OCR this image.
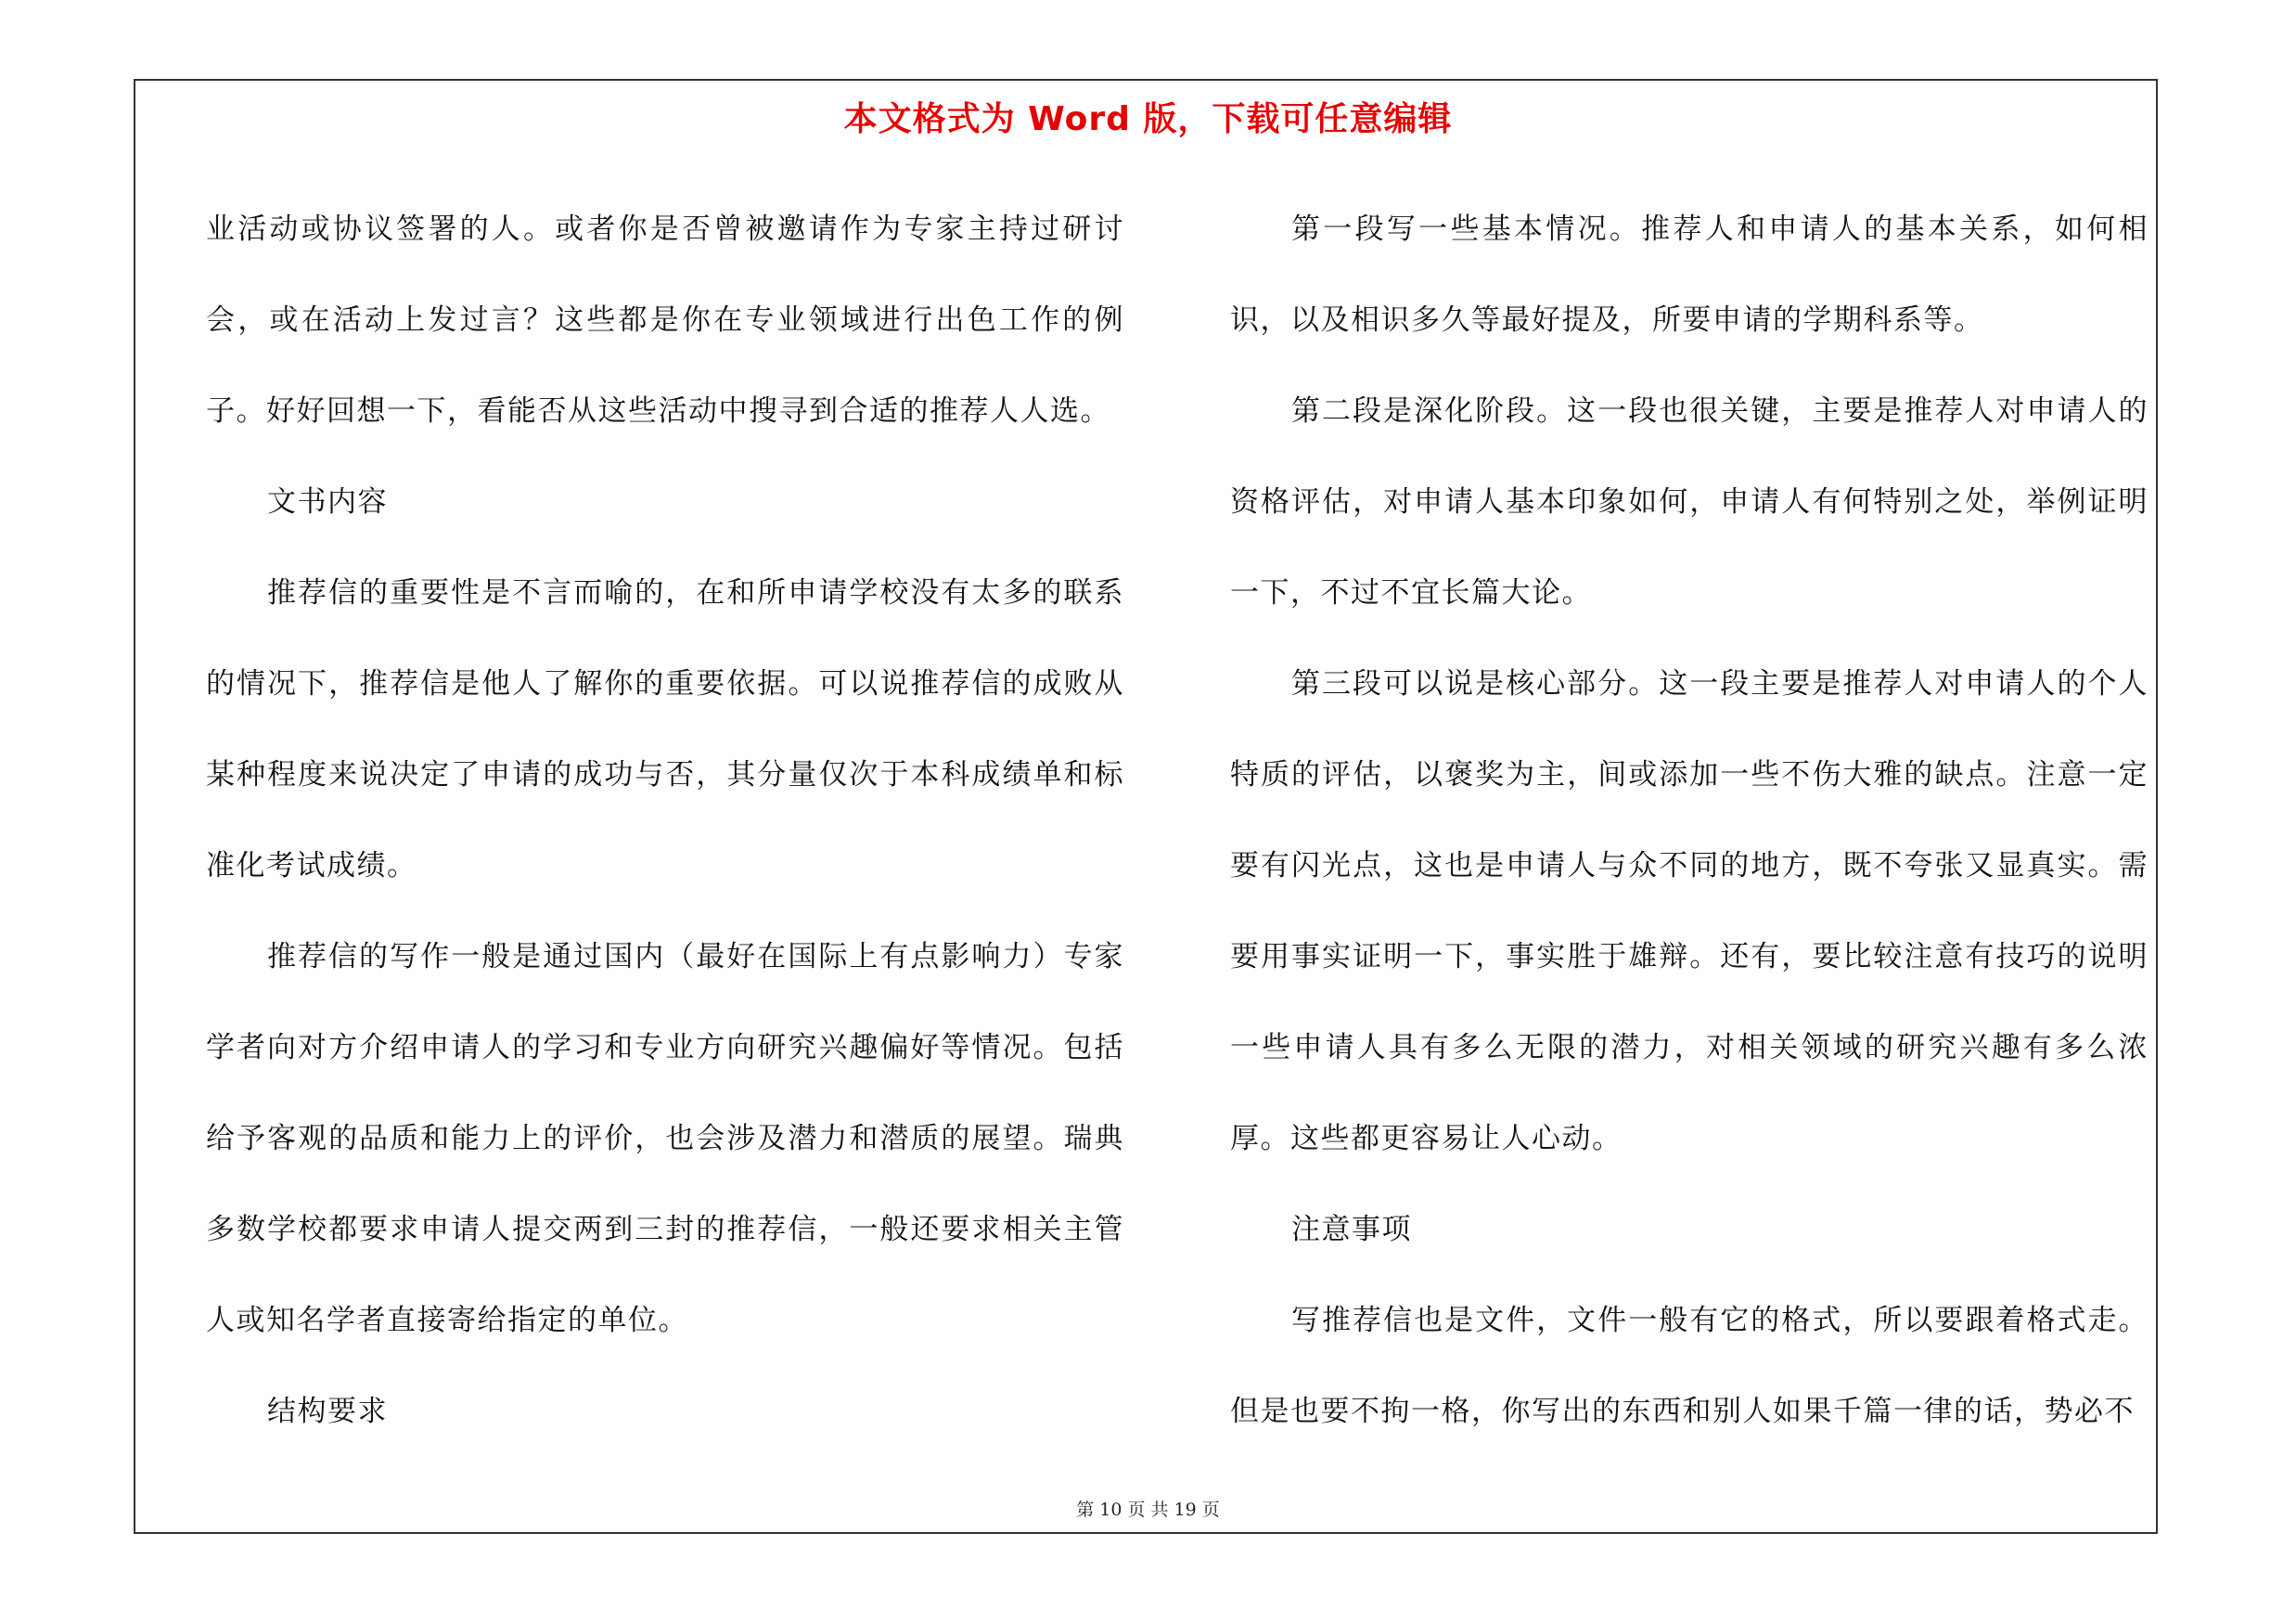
本文格式为 Word 版，下载可任意编辑

业活动或协议签署的人。或者你是否曾被邀请作为专家主持过研讨会，或在活动上发过言？这些都是你在专业领域进行出色工作的例子。好好回想一下，看能否从这些活动中搜寻到合适的推荐人人选。

文书内容

推荐信的重要性是不言而喻的，在和所申请学校没有太多的联系的情况下，推荐信是他人了解你的重要依据。可以说推荐信的成败从某种程度来说决定了申请的成功与否，其分量仅次于本科成绩单和标准化考试成绩。

推荐信的写作一般是通过国内（最好在国际上有点影响力）专家学者向对方介绍申请人的学习和专业方向研究兴趣偏好等情况。包括给予客观的品质和能力上的评价，也会涉及潜力和潜质的展望。瑞典多数学校都要求申请人提交两到三封的推荐信，一般还要求相关主管人或知名学者直接寄给指定的单位。

结构要求

第一段写一些基本情况。推荐人和申请人的基本关系，如何相识，以及相识多久等最好提及，所要申请的学期科系等。

第二段是深化阶段。这一段也很关键，主要是推荐人对申请人的资格评估，对申请人基本印象如何，申请人有何特别之处，举例证明一下，不过不宜长篇大论。

第三段可以说是核心部分。这一段主要是推荐人对申请人的个人特质的评估，以褒奖为主，间或添加一些不伤大雅的缺点。注意一定要有闪光点，这也是申请人与众不同的地方，既不夸张又显真实。需要用事实证明一下，事实胜于雄辩。还有，要比较注意有技巧的说明一些申请人具有多么无限的潜力，对相关领域的研究兴趣有多么浓厚。这些都更容易让人心动。

注意事项

写推荐信也是文件，文件一般有它的格式，所以要跟着格式走。但是也要不拘一格，你写出的东西和别人如果千篇一律的话，势必不

第 10 页 共 19 页
